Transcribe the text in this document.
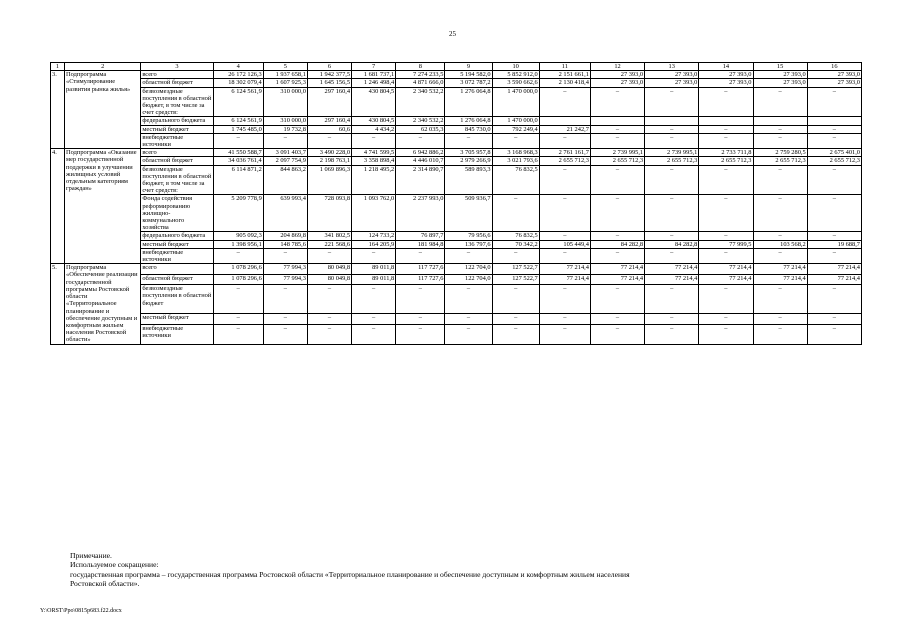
25
1	2	3	4	5	6	7	8	9	10	11	12	13	14	15	16
3.	Подпрограмма «Стимулирование развития рынка жилья»	всего	26 172 126,3	1 937 658,1	1 942 377,5	1 681 737,1	7 274 233,5	5 194 582,0	5 852 912,0	2 151 661,1	27 393,0	27 393,0	27 393,0	27 393,0	27 393,0
		областной бюджет	18 302 079,4	1 607 925,3	1 645 156,5	1 246 498,4	4 871 666,0	3 072 787,2	3 590 662,6	2 130 418,4	27 393,0	27 393,0	27 393,0	27 393,0	27 393,0
		безвозмездные поступления в областной бюджет, в том числе за счет средств:	6 124 561,9	310 000,0	297 160,4	430 804,5	2 340 532,2	1 276 064,8	1 470 000,0	–	–	–	–	–	–
		федерального бюджета	6 124 561,9	310 000,0	297 160,4	430 804,5	2 340 532,2	1 276 064,8	1 470 000,0						
		местный бюджет	1 745 485,0	19 732,8	60,6	4 434,2	62 035,3	845 730,0	792 249,4	21 242,7	–	–	–	–	–
		внебюджетные источники	–	–	–	–	–	–	–	–	–	–	–	–	–
4.	Подпрограмма «Оказание мер государственной поддержки в улучшении жилищных условий отдельным категориям граждан»	всего	41 550 588,7	3 091 403,7	3 490 228,0	4 741 599,5	6 942 886,2	3 705 957,8	3 168 968,3	2 761 161,7	2 739 995,1	2 739 995,1	2 733 711,8	2 759 280,5	2 675 401,0
		областной бюджет	34 036 761,4	2 097 754,9	2 198 763,1	3 358 898,4	4 446 010,7	2 979 266,9	3 021 793,6	2 655 712,3	2 655 712,3	2 655 712,3	2 655 712,3	2 655 712,3	2 655 712,3
		безвозмездные поступления в областной бюджет, в том числе за счет средств:	6 114 871,2	844 863,2	1 069 896,3	1 218 495,2	2 314 890,7	589 893,3	76 832,5	–	–	–	–	–	–
		Фонда содействия реформированию жилищно-коммунального хозяйства	5 209 778,9	639 993,4	728 093,8	1 093 762,0	2 237 993,0	509 936,7	–	–	–	–	–	–	–
		федерального бюджета	905 092,3	204 869,8	341 802,5	124 733,2	76 897,7	79 956,6	76 832,5	–	–	–	–	–	–
		местный бюджет	1 398 956,1	148 785,6	221 568,6	164 205,9	181 984,8	136 797,6	70 342,2	105 449,4	84 282,8	84 282,8	77 999,5	103 568,2	19 688,7
		внебюджетные источники	–	–	–	–	–	–	–	–	–	–	–	–	–
5.	Подпрограмма «Обеспечение реализации государственной программы Ростовской области «Территориальное планирование и обеспечение доступным и комфортным жильем населения Ростовской области»	всего	1 078 296,6	77 994,3	80 049,8	89 011,8	117 727,6	122 704,0	127 522,7	77 214,4	77 214,4	77 214,4	77 214,4	77 214,4	77 214,4
		областной бюджет	1 078 296,6	77 994,3	80 049,8	89 011,8	117 727,6	122 704,0	127 522,7	77 214,4	77 214,4	77 214,4	77 214,4	77 214,4	77 214,4
		безвозмездные поступления в областной бюджет	–	–	–	–	–	–	–	–	–	–	–	–	–
		местный бюджет	–	–	–	–	–	–	–	–	–	–	–	–	–
		внебюджетные источники	–	–	–	–	–	–	–	–	–	–	–	–	–
Примечание.
Используемое сокращение:
государственная программа – государственная программа Ростовской области «Территориальное планирование и обеспечение доступным и комфортным жильем населения
Ростовской области».
Y:\ORST\Ppo\0815p683.f22.docx
